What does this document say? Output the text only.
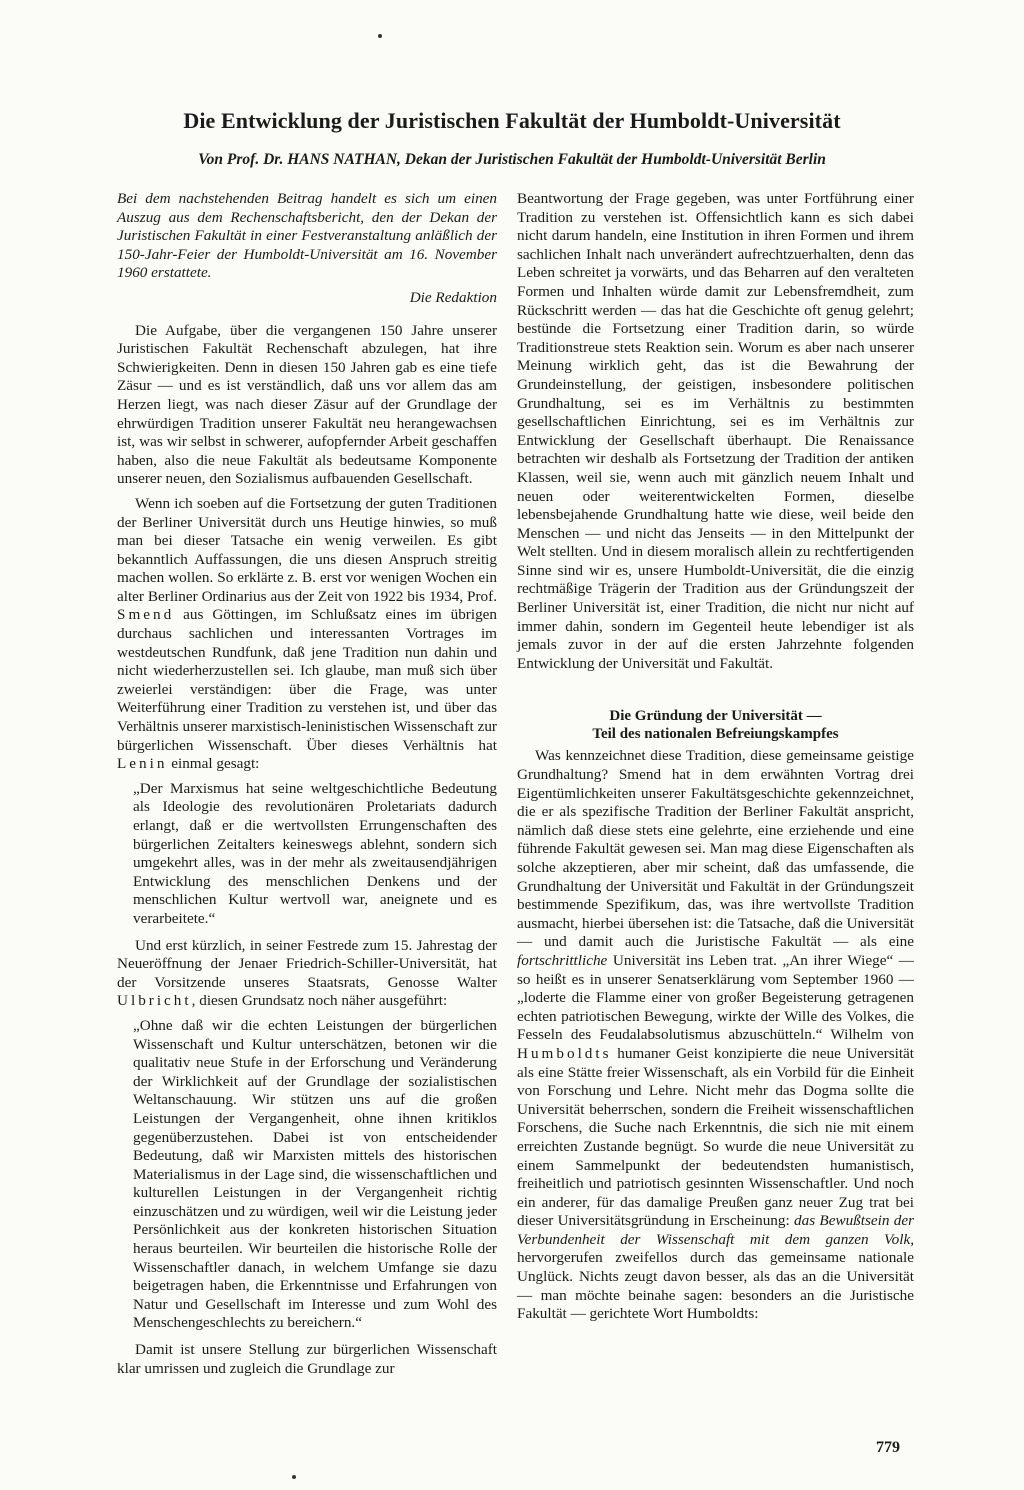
Die Entwicklung der Juristischen Fakultät der Humboldt-Universität
Von Prof. Dr. HANS NATHAN, Dekan der Juristischen Fakultät der Humboldt-Universität Berlin

Bei dem nachstehenden Beitrag handelt es sich um einen Auszug aus dem Rechenschaftsbericht, den der Dekan der Juristischen Fakultät in einer Festveranstaltung anläßlich der 150-Jahr-Feier der Humboldt-Universität am 16. November 1960 erstattete.

Die Redaktion

Die Aufgabe, über die vergangenen 150 Jahre unserer Juristischen Fakultät Rechenschaft abzulegen, hat ihre Schwierigkeiten. Denn in diesen 150 Jahren gab es eine tiefe Zäsur — und es ist verständlich, daß uns vor allem das am Herzen liegt, was nach dieser Zäsur auf der Grundlage der ehrwürdigen Tradition unserer Fakultät neu herangewachsen ist, was wir selbst in schwerer, aufopfernder Arbeit geschaffen haben, also die neue Fakultät als bedeutsame Komponente unserer neuen, den Sozialismus aufbauenden Gesellschaft.

Wenn ich soeben auf die Fortsetzung der guten Traditionen der Berliner Universität durch uns Heutige hinwies, so muß man bei dieser Tatsache ein wenig verweilen. Es gibt bekanntlich Auffassungen, die uns diesen Anspruch streitig machen wollen. So erklärte z. B. erst vor wenigen Wochen ein alter Berliner Ordinarius aus der Zeit von 1922 bis 1934, Prof. Smend aus Göttingen, im Schlußsatz eines im übrigen durchaus sachlichen und interessanten Vortrages im westdeutschen Rundfunk, daß jene Tradition nun dahin und nicht wiederherzustellen sei. Ich glaube, man muß sich über zweierlei verständigen: über die Frage, was unter Weiterführung einer Tradition zu verstehen ist, und über das Verhältnis unserer marxistisch-leninistischen Wissenschaft zur bürgerlichen Wissenschaft. Über dieses Verhältnis hat Lenin einmal gesagt:

„Der Marxismus hat seine weltgeschichtliche Bedeutung als Ideologie des revolutionären Proletariats dadurch erlangt, daß er die wertvollsten Errungenschaften des bürgerlichen Zeitalters keineswegs ablehnt, sondern sich umgekehrt alles, was in der mehr als zweitausendjährigen Entwicklung des menschlichen Denkens und der menschlichen Kultur wertvoll war, aneignete und es verarbeitete.“

Und erst kürzlich, in seiner Festrede zum 15. Jahrestag der Neueröffnung der Jenaer Friedrich-Schiller-Universität, hat der Vorsitzende unseres Staatsrats, Genosse Walter Ulbricht, diesen Grundsatz noch näher ausgeführt:

„Ohne daß wir die echten Leistungen der bürgerlichen Wissenschaft und Kultur unterschätzen, betonen wir die qualitativ neue Stufe in der Erforschung und Veränderung der Wirklichkeit auf der Grundlage der sozialistischen Weltanschauung. Wir stützen uns auf die großen Leistungen der Vergangenheit, ohne ihnen kritiklos gegenüberzustehen. Dabei ist von entscheidender Bedeutung, daß wir Marxisten mittels des historischen Materialismus in der Lage sind, die wissenschaftlichen und kulturellen Leistungen in der Vergangenheit richtig einzuschätzen und zu würdigen, weil wir die Leistung jeder Persönlichkeit aus der konkreten historischen Situation heraus beurteilen. Wir beurteilen die historische Rolle der Wissenschaftler danach, in welchem Umfange sie dazu beigetragen haben, die Erkenntnisse und Erfahrungen von Natur und Gesellschaft im Interesse und zum Wohl des Menschengeschlechts zu bereichern.“

Damit ist unsere Stellung zur bürgerlichen Wissenschaft klar umrissen und zugleich die Grundlage zur

Beantwortung der Frage gegeben, was unter Fortführung einer Tradition zu verstehen ist. Offensichtlich kann es sich dabei nicht darum handeln, eine Institution in ihren Formen und ihrem sachlichen Inhalt nach unverändert aufrechtzuerhalten, denn das Leben schreitet ja vorwärts, und das Beharren auf den veralteten Formen und Inhalten würde damit zur Lebensfremdheit, zum Rückschritt werden — das hat die Geschichte oft genug gelehrt; bestünde die Fortsetzung einer Tradition darin, so würde Traditionstreue stets Reaktion sein. Worum es aber nach unserer Meinung wirklich geht, das ist die Bewahrung der Grundeinstellung, der geistigen, insbesondere politischen Grundhaltung, sei es im Verhältnis zu bestimmten gesellschaftlichen Einrichtung, sei es im Verhältnis zur Entwicklung der Gesellschaft überhaupt. Die Renaissance betrachten wir deshalb als Fortsetzung der Tradition der antiken Klassen, weil sie, wenn auch mit gänzlich neuem Inhalt und neuen oder weiterentwickelten Formen, dieselbe lebensbejahende Grundhaltung hatte wie diese, weil beide den Menschen — und nicht das Jenseits — in den Mittelpunkt der Welt stellten. Und in diesem moralisch allein zu rechtfertigenden Sinne sind wir es, unsere Humboldt-Universität, die die einzig rechtmäßige Trägerin der Tradition aus der Gründungszeit der Berliner Universität ist, einer Tradition, die nicht nur nicht auf immer dahin, sondern im Gegenteil heute lebendiger ist als jemals zuvor in der auf die ersten Jahrzehnte folgenden Entwicklung der Universität und Fakultät.

Die Gründung der Universität —
Teil des nationalen Befreiungskampfes

Was kennzeichnet diese Tradition, diese gemeinsame geistige Grundhaltung? Smend hat in dem erwähnten Vortrag drei Eigentümlichkeiten unserer Fakultätsgeschichte gekennzeichnet, die er als spezifische Tradition der Berliner Fakultät anspricht, nämlich daß diese stets eine gelehrte, eine erziehende und eine führende Fakultät gewesen sei. Man mag diese Eigenschaften als solche akzeptieren, aber mir scheint, daß das umfassende, die Grundhaltung der Universität und Fakultät in der Gründungszeit bestimmende Spezifikum, das, was ihre wertvollste Tradition ausmacht, hierbei übersehen ist: die Tatsache, daß die Universität — und damit auch die Juristische Fakultät — als eine fortschrittliche Universität ins Leben trat. „An ihrer Wiege“ — so heißt es in unserer Senatserklärung vom September 1960 — „loderte die Flamme einer von großer Begeisterung getragenen echten patriotischen Bewegung, wirkte der Wille des Volkes, die Fesseln des Feudalabsolutismus abzuschütteln.“ Wilhelm von Humboldts humaner Geist konzipierte die neue Universität als eine Stätte freier Wissenschaft, als ein Vorbild für die Einheit von Forschung und Lehre. Nicht mehr das Dogma sollte die Universität beherrschen, sondern die Freiheit wissenschaftlichen Forschens, die Suche nach Erkenntnis, die sich nie mit einem erreichten Zustande begnügt. So wurde die neue Universität zu einem Sammelpunkt der bedeutendsten humanistisch, freiheitlich und patriotisch gesinnten Wissenschaftler. Und noch ein anderer, für das damalige Preußen ganz neuer Zug trat bei dieser Universitätsgründung in Erscheinung: das Bewußtsein der Verbundenheit der Wissenschaft mit dem ganzen Volk, hervorgerufen zweifellos durch das gemeinsame nationale Unglück. Nichts zeugt davon besser, als das an die Universität — man möchte beinahe sagen: besonders an die Juristische Fakultät — gerichtete Wort Humboldts:

779
